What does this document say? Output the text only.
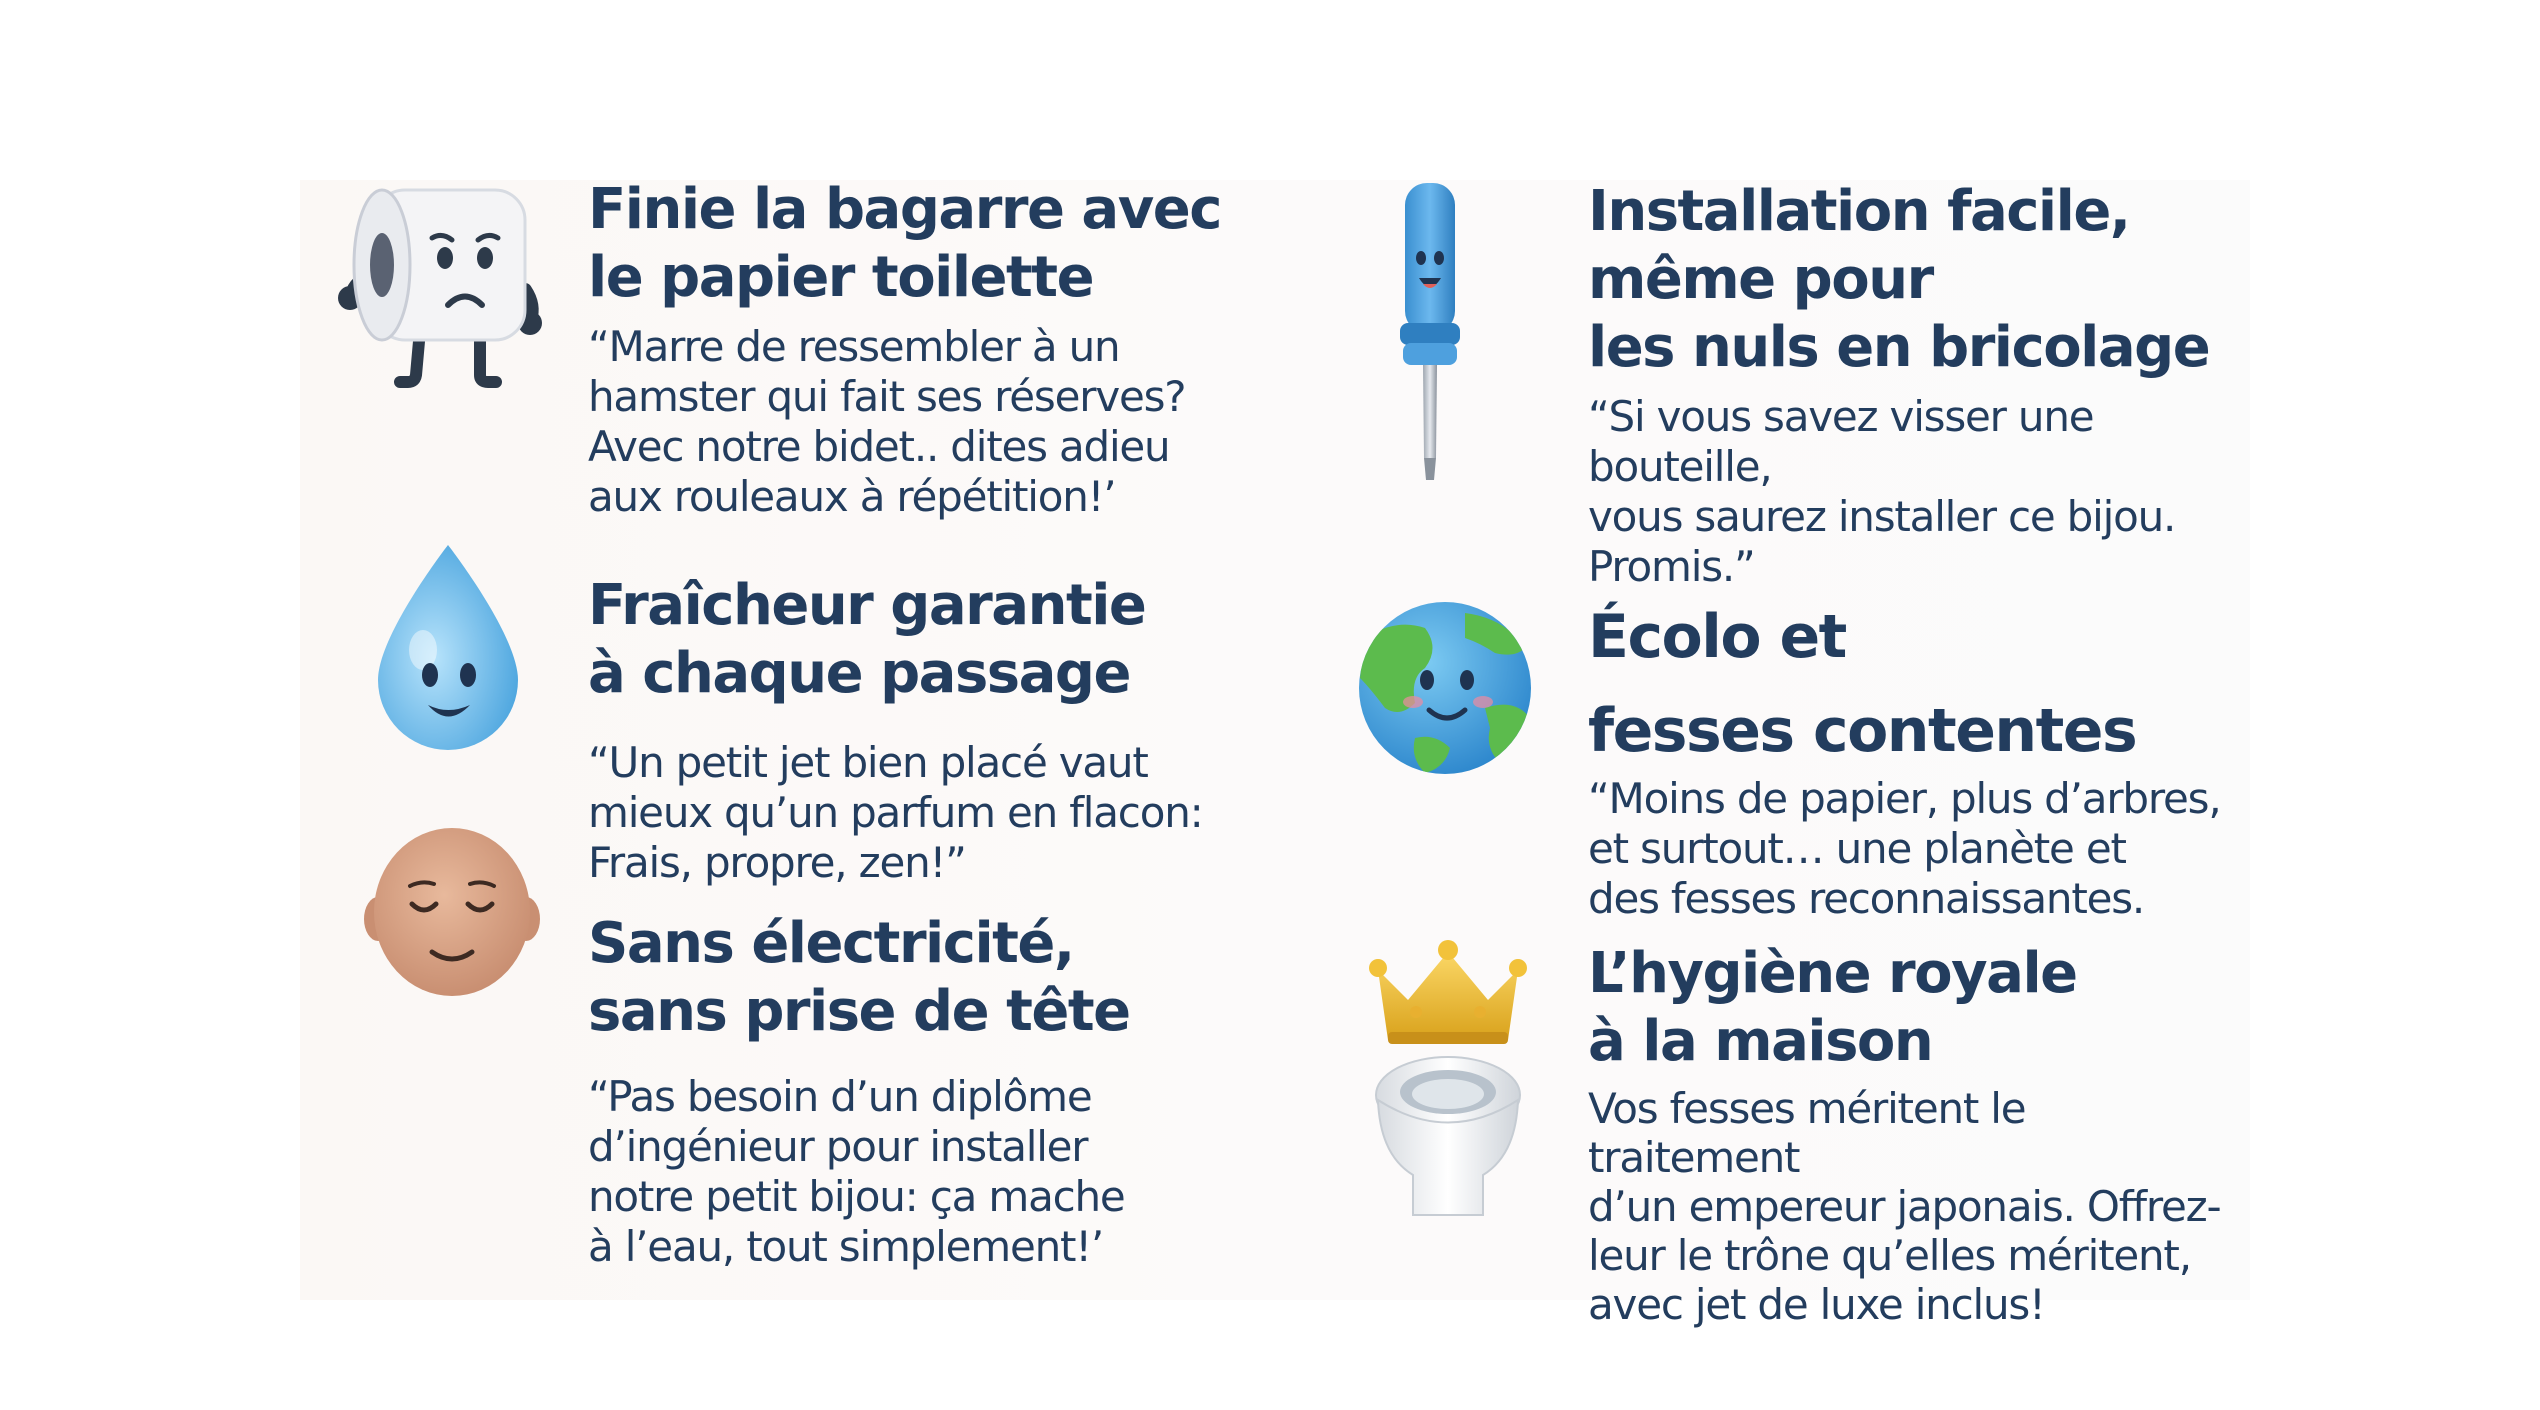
Finie la bagarre avec
le papier toilette

“Marre de ressembler à un
hamster qui fait ses réserves?
Avec notre bidet.. dites adieu
aux rouleaux à répétition!’

Fraîcheur garantie
à chaque passage

“Un petit jet bien placé vaut
mieux qu’un parfum en flacon:
Frais, propre, zen!”

Sans électricité,
sans prise de tête

“Pas besoin d’un diplôme
d’ingénieur pour installer
notre petit bijou: ça mache
à l’eau, tout simplement!’

Installation facile,
même pour
les nuls en bricolage

“Si vous savez visser une bouteille,
vous saurez installer ce bijou.
Promis.”

Écolo et
fesses contentes

“Moins de papier, plus d’arbres,
et surtout… une planète et
des fesses reconnaissantes.

L’hygiène royale
à la maison

Vos fesses méritent le traitement
d’un empereur japonais. Offrez-
leur le trône qu’elles méritent,
avec jet de luxe inclus!
